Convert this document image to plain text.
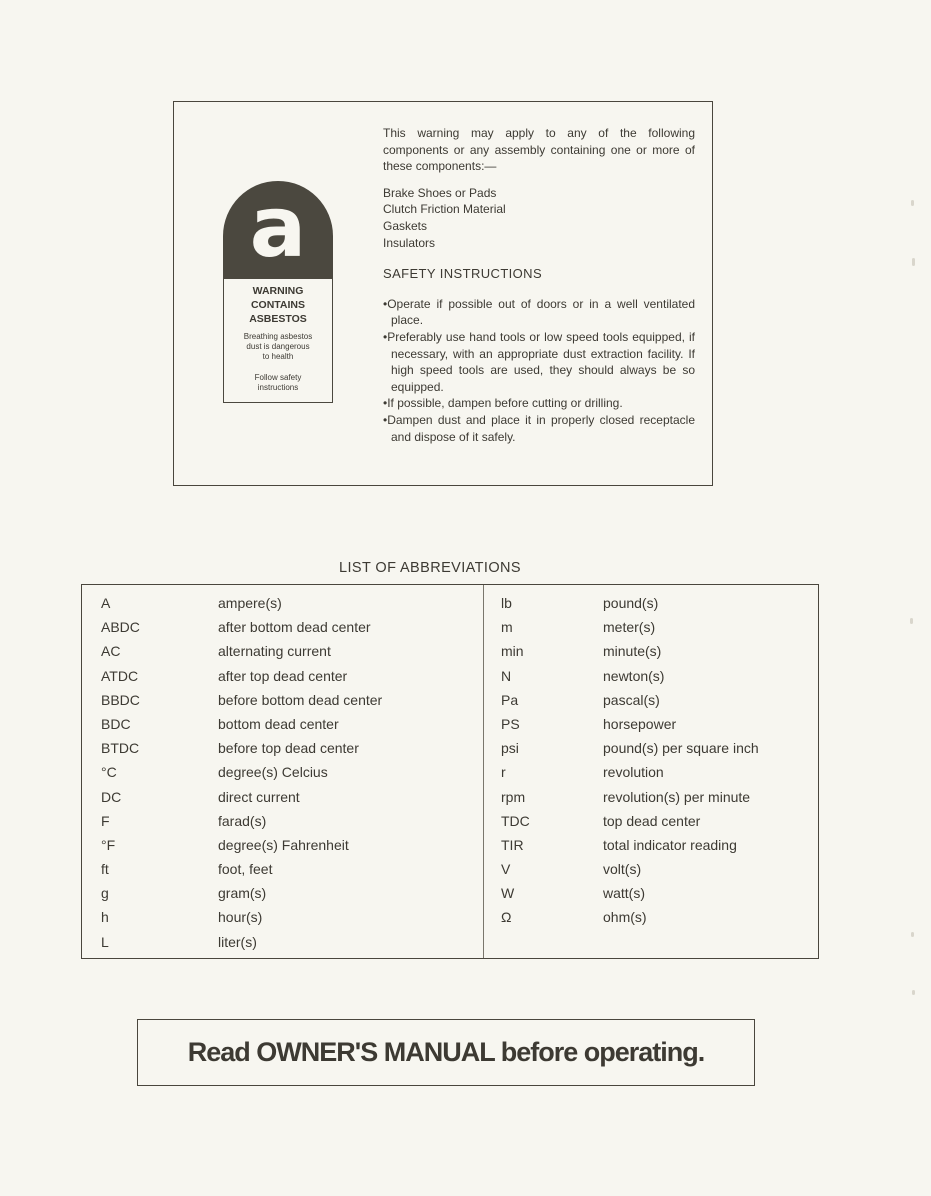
a
WARNING
CONTAINS
ASBESTOS
Breathing asbestos
dust is dangerous
to health
Follow safety
instructions
This warning may apply to any of the following components or any assembly containing one or more of these components:—
Brake Shoes or Pads
Clutch Friction Material
Gaskets
Insulators
SAFETY INSTRUCTIONS
•Operate if possible out of doors or in a well ventilated place.
•Preferably use hand tools or low speed tools equipped, if necessary, with an appropriate dust extraction facility. If high speed tools are used, they should always be so equipped.
•If possible, dampen before cutting or drilling.
•Dampen dust and place it in properly closed receptacle and dispose of it safely.
LIST OF ABBREVIATIONS
A	ampere(s)
ABDC	after bottom dead center
AC	alternating current
ATDC	after top dead center
BBDC	before bottom dead center
BDC	bottom dead center
BTDC	before top dead center
°C	degree(s) Celcius
DC	direct current
F	farad(s)
°F	degree(s) Fahrenheit
ft	foot, feet
g	gram(s)
h	hour(s)
L	liter(s)
lb	pound(s)
m	meter(s)
min	minute(s)
N	newton(s)
Pa	pascal(s)
PS	horsepower
psi	pound(s) per square inch
r	revolution
rpm	revolution(s) per minute
TDC	top dead center
TIR	total indicator reading
V	volt(s)
W	watt(s)
Ω	ohm(s)
Read OWNER'S MANUAL before operating.
